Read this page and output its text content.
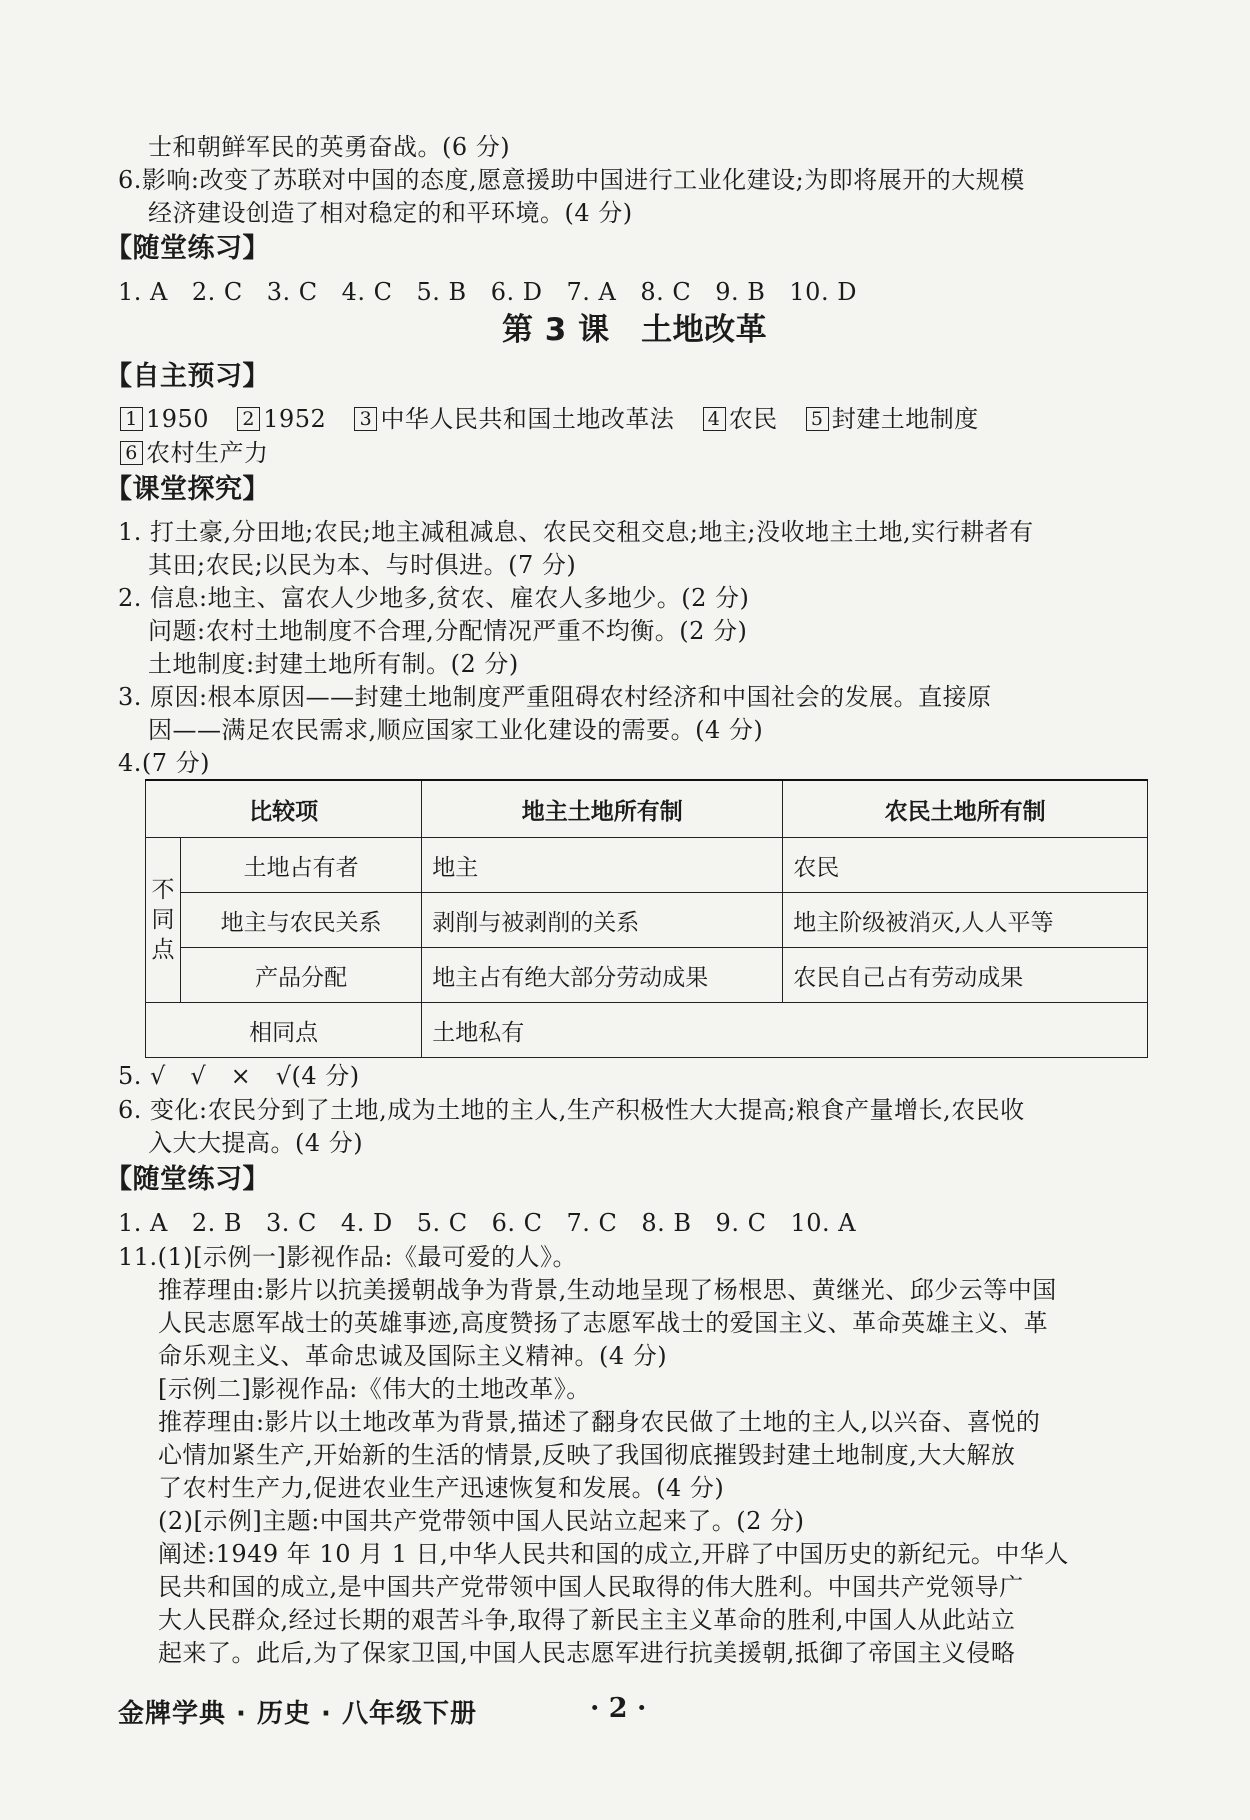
士和朝鲜军民的英勇奋战。(6 分)
6.影响:改变了苏联对中国的态度,愿意援助中国进行工业化建设;为即将展开的大规模
经济建设创造了相对稳定的和平环境。(4 分)
【随堂练习】
1. A 2. C 3. C 4. C 5. B 6. D 7. A 8. C 9. B 10. D
第 3 课　土地改革
【自主预习】
1 1950 2 1952 3 中华人民共和国土地改革法 4 农民 5 封建土地制度
6 农村生产力
【课堂探究】
1. 打土豪,分田地;农民;地主减租减息、农民交租交息;地主;没收地主土地,实行耕者有
其田;农民;以民为本、与时俱进。(7 分)
2. 信息:地主、富农人少地多,贫农、雇农人多地少。(2 分)
问题:农村土地制度不合理,分配情况严重不均衡。(2 分)
土地制度:封建土地所有制。(2 分)
3. 原因:根本原因——封建土地制度严重阻碍农村经济和中国社会的发展。直接原
因——满足农民需求,顺应国家工业化建设的需要。(4 分)
4.(7 分)
比较项		地主土地所有制	农民土地所有制
不同点	土地占有者	地主	农民
	地主与农民关系	剥削与被剥削的关系	地主阶级被消灭,人人平等
	产品分配	地主占有绝大部分劳动成果	农民自己占有劳动成果
相同点		土地私有	
5. √　√　×　√(4 分)
6. 变化:农民分到了土地,成为土地的主人,生产积极性大大提高;粮食产量增长,农民收
入大大提高。(4 分)
【随堂练习】
1. A 2. B 3. C 4. D 5. C 6. C 7. C 8. B 9. C 10. A
11.(1)[示例一]影视作品:《最可爱的人》。
推荐理由:影片以抗美援朝战争为背景,生动地呈现了杨根思、黄继光、邱少云等中国
人民志愿军战士的英雄事迹,高度赞扬了志愿军战士的爱国主义、革命英雄主义、革
命乐观主义、革命忠诚及国际主义精神。(4 分)
[示例二]影视作品:《伟大的土地改革》。
推荐理由:影片以土地改革为背景,描述了翻身农民做了土地的主人,以兴奋、喜悦的
心情加紧生产,开始新的生活的情景,反映了我国彻底摧毁封建土地制度,大大解放
了农村生产力,促进农业生产迅速恢复和发展。(4 分)
(2)[示例]主题:中国共产党带领中国人民站立起来了。(2 分)
阐述:1949 年 10 月 1 日,中华人民共和国的成立,开辟了中国历史的新纪元。中华人
民共和国的成立,是中国共产党带领中国人民取得的伟大胜利。中国共产党领导广
大人民群众,经过长期的艰苦斗争,取得了新民主主义革命的胜利,中国人从此站立
起来了。此后,为了保家卫国,中国人民志愿军进行抗美援朝,抵御了帝国主义侵略
金牌学典 · 历史 · 八年级下册	· 2 ·
